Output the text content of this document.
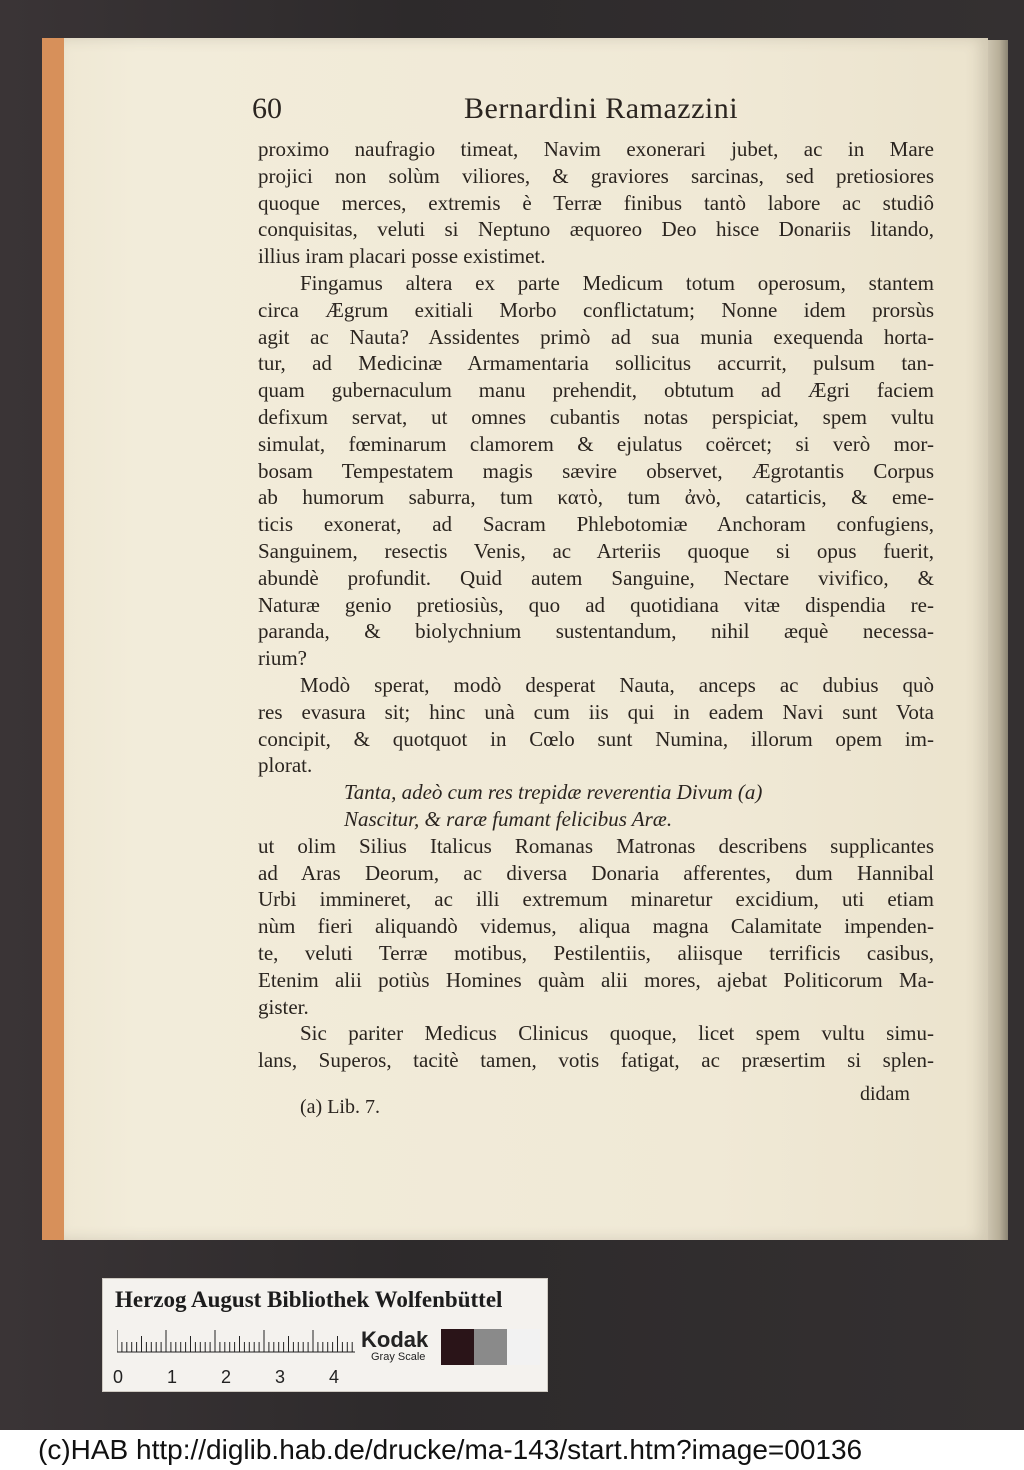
60	Bernardini Ramazzini
proximo naufragio timeat, Navim exonerari jubet, ac in Mare
projici non solùm viliores, & graviores sarcinas, sed pretiosiores
quoque merces, extremis è Terræ finibus tantò labore ac studiô
conquisitas, veluti si Neptuno æquoreo Deo hisce Donariis litando,
illius iram placari posse existimet.
Fingamus altera ex parte Medicum totum operosum, stantem
circa Ægrum exitiali Morbo conflictatum; Nonne idem prorsùs
agit ac Nauta? Assidentes primò ad sua munia exequenda horta-
tur, ad Medicinæ Armamentaria sollicitus accurrit, pulsum tan-
quam gubernaculum manu prehendit, obtutum ad Ægri faciem
defixum servat, ut omnes cubantis notas perspiciat, spem vultu
simulat, fœminarum clamorem & ejulatus coërcet; si verò mor-
bosam Tempestatem magis sævire observet, Ægrotantis Corpus
ab humorum saburra, tum κατὸ, tum ἀνὸ, catarticis, & eme-
ticis exonerat, ad Sacram Phlebotomiæ Anchoram confugiens,
Sanguinem, resectis Venis, ac Arteriis quoque si opus fuerit,
abundè profundit. Quid autem Sanguine, Nectare vivifico, &
Naturæ genio pretiosiùs, quo ad quotidiana vitæ dispendia re-
paranda, & biolychnium sustentandum, nihil æquè necessa-
rium?
Modò sperat, modò desperat Nauta, anceps ac dubius quò
res evasura sit; hinc unà cum iis qui in eadem Navi sunt Vota
concipit, & quotquot in Cœlo sunt Numina, illorum opem im-
plorat.
Tanta, adeò cum res trepidæ reverentia Divum (a)
Nascitur, & raræ fumant felicibus Aræ.
ut olim Silius Italicus Romanas Matronas describens supplicantes
ad Aras Deorum, ac diversa Donaria afferentes, dum Hannibal
Urbi immineret, ac illi extremum minaretur excidium, uti etiam
nùm fieri aliquandò videmus, aliqua magna Calamitate impenden-
te, veluti Terræ motibus, Pestilentiis, aliisque terrificis casibus,
Etenim alii potiùs Homines quàm alii mores, ajebat Politicorum Ma-
gister.
Sic pariter Medicus Clinicus quoque, licet spem vultu simu-
lans, Superos, tacitè tamen, votis fatigat, ac præsertim si splen-
didam
(a) Lib. 7.
Herzog August Bibliothek Wolfenbüttel
0 1 2 3 4
Kodak
Gray Scale
(c)HAB http://diglib.hab.de/drucke/ma-143/start.htm?image=00136
